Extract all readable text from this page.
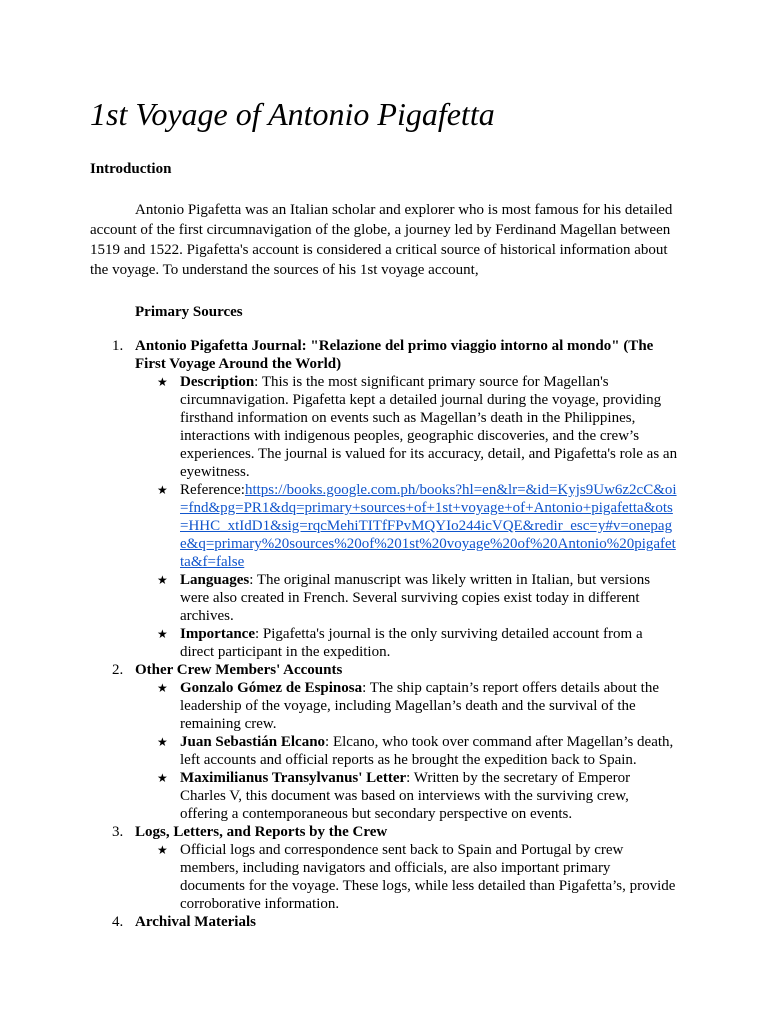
1st Voyage of Antonio Pigafetta
Introduction

Antonio Pigafetta was an Italian scholar and explorer who is most famous for his detailed account of the first circumnavigation of the globe, a journey led by Ferdinand Magellan between 1519 and 1522. Pigafetta's account is considered a critical source of historical information about the voyage. To understand the sources of his 1st voyage account,

Primary Sources
1. Antonio Pigafetta Journal: "Relazione del primo viaggio intorno al mondo" (The First Voyage Around the World)
★ Description: This is the most significant primary source for Magellan's circumnavigation. Pigafetta kept a detailed journal during the voyage, providing firsthand information on events such as Magellan’s death in the Philippines, interactions with indigenous peoples, geographic discoveries, and the crew’s experiences. The journal is valued for its accuracy, detail, and Pigafetta's role as an eyewitness.
★ Reference:https://books.google.com.ph/books?hl=en&lr=&id=Kyjs9Uw6z2cC&oi=fnd&pg=PR1&dq=primary+sources+of+1st+voyage+of+Antonio+pigafetta&ots=HHC_xtIdD1&sig=rqcMehiTITfFPvMQYIo244icVQE&redir_esc=y#v=onepage&q=primary%20sources%20of%201st%20voyage%20of%20Antonio%20pigafetta&f=false
★ Languages: The original manuscript was likely written in Italian, but versions were also created in French. Several surviving copies exist today in different archives.
★ Importance: Pigafetta's journal is the only surviving detailed account from a direct participant in the expedition.
2. Other Crew Members' Accounts
★ Gonzalo Gómez de Espinosa: The ship captain’s report offers details about the leadership of the voyage, including Magellan’s death and the survival of the remaining crew.
★ Juan Sebastián Elcano: Elcano, who took over command after Magellan’s death, left accounts and official reports as he brought the expedition back to Spain.
★ Maximilianus Transylvanus' Letter: Written by the secretary of Emperor Charles V, this document was based on interviews with the surviving crew, offering a contemporaneous but secondary perspective on events.
3. Logs, Letters, and Reports by the Crew
★ Official logs and correspondence sent back to Spain and Portugal by crew members, including navigators and officials, are also important primary documents for the voyage. These logs, while less detailed than Pigafetta’s, provide corroborative information.
4. Archival Materials
